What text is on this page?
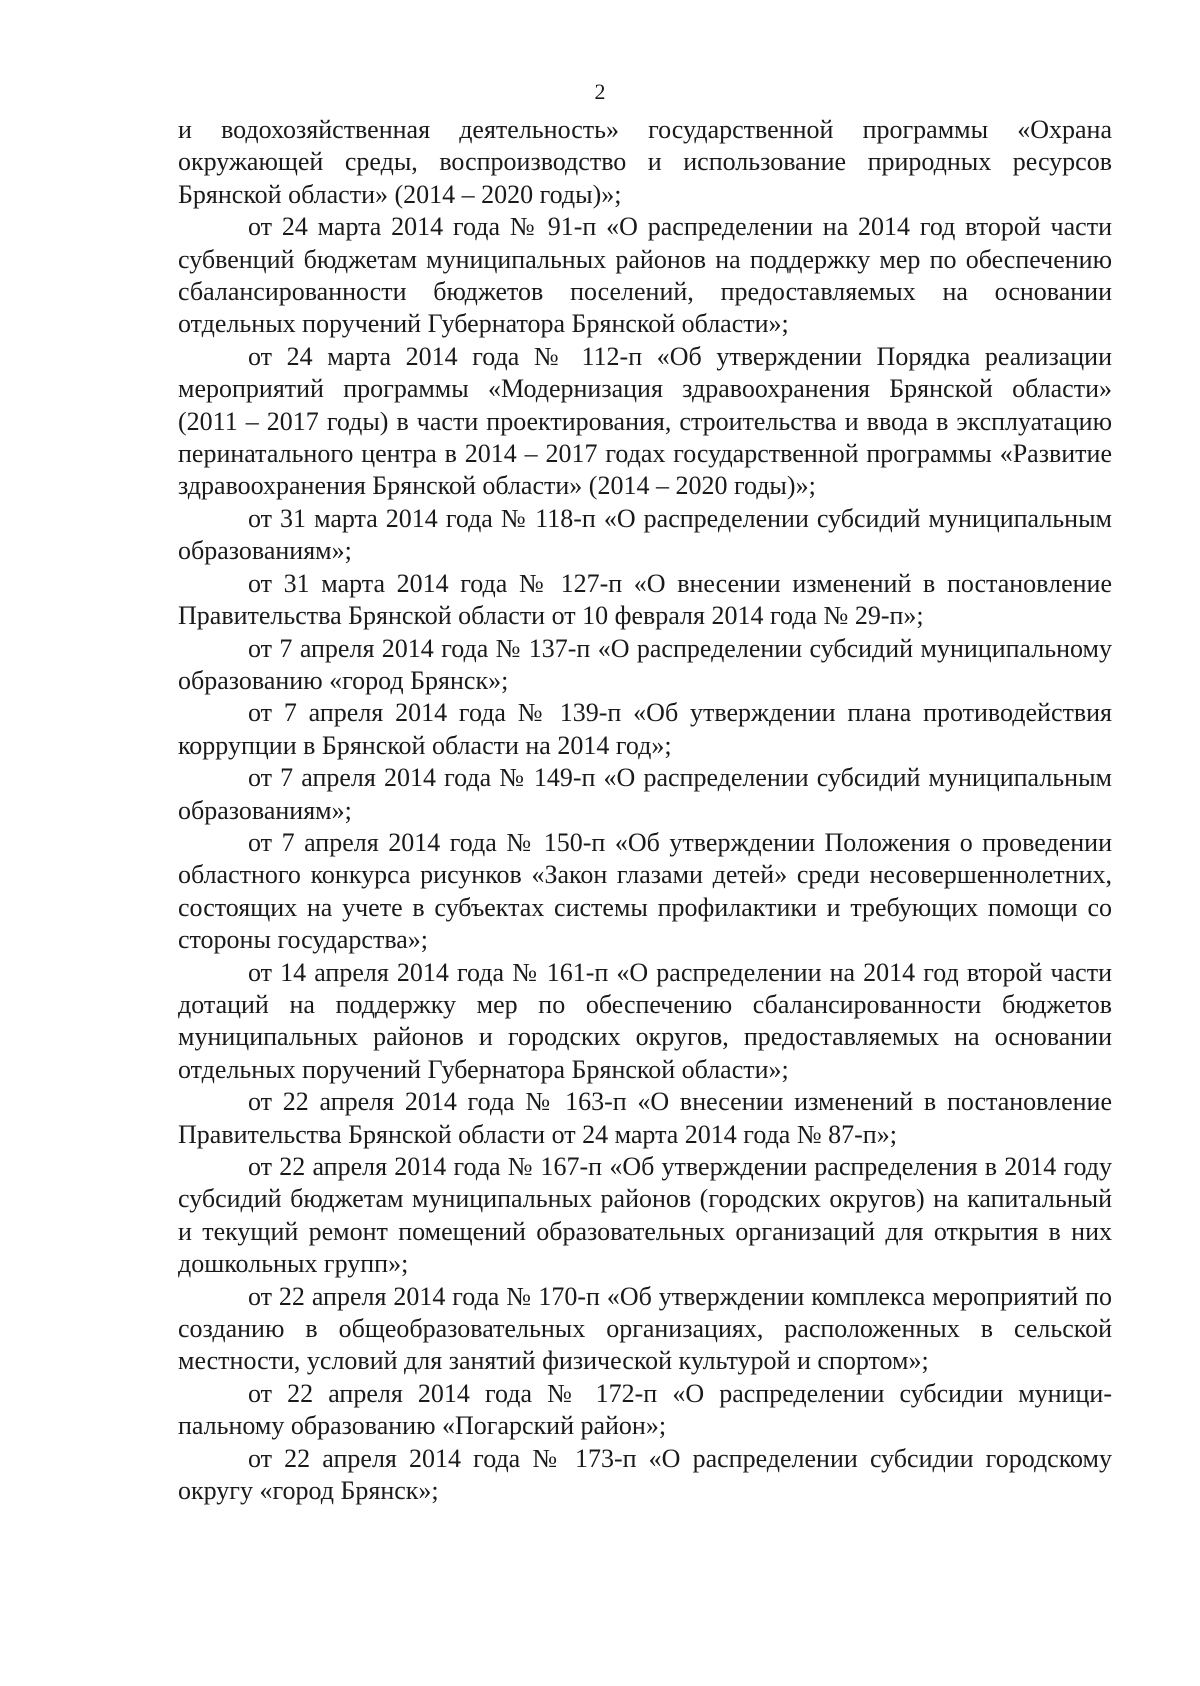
2

и водохозяйственная деятельность» государственной программы «Охрана окружающей среды, воспроизводство и использование природных ресурсов Брянской области» (2014 – 2020 годы)»;

от 24 марта 2014 года № 91-п «О распределении на 2014 год второй части субвенций бюджетам муниципальных районов на поддержку мер по обеспечению сбалансированности бюджетов поселений, предоставляемых на основании отдельных поручений Губернатора Брянской области»;

от 24 марта 2014 года № 112-п «Об утверждении Порядка реализации мероприятий программы «Модернизация здравоохранения Брянской области» (2011 – 2017 годы) в части проектирования, строительства и ввода в эксплуатацию перинатального центра в 2014 – 2017 годах государственной программы «Развитие здравоохранения Брянской области» (2014 – 2020 годы)»;

от 31 марта 2014 года № 118-п «О распределении субсидий муниципальным образованиям»;

от 31 марта 2014 года № 127-п «О внесении изменений в постановление Правительства Брянской области от 10 февраля 2014 года № 29-п»;

от 7 апреля 2014 года № 137-п «О распределении субсидий муниципальному образованию «город Брянск»;

от 7 апреля 2014 года № 139-п «Об утверждении плана противодействия коррупции в Брянской области на 2014 год»;

от 7 апреля 2014 года № 149-п «О распределении субсидий муниципальным образованиям»;

от 7 апреля 2014 года № 150-п «Об утверждении Положения о проведении областного конкурса рисунков «Закон глазами детей» среди несовершеннолетних, состоящих на учете в субъектах системы профилактики и требующих помощи со стороны государства»;

от 14 апреля 2014 года № 161-п «О распределении на 2014 год второй части дотаций на поддержку мер по обеспечению сбалансированности бюджетов муниципальных районов и городских округов, предоставляемых на основании отдельных поручений Губернатора Брянской области»;

от 22 апреля 2014 года № 163-п «О внесении изменений в постановление Правительства Брянской области от 24 марта 2014 года № 87-п»;

от 22 апреля 2014 года № 167-п «Об утверждении распределения в 2014 году субсидий бюджетам муниципальных районов (городских округов) на капитальный и текущий ремонт помещений образовательных организаций для открытия в них дошкольных групп»;

от 22 апреля 2014 года № 170-п «Об утверждении комплекса мероприятий по созданию в общеобразовательных организациях, расположенных в сельской местности, условий для занятий физической культурой и спортом»;

от 22 апреля 2014 года № 172-п «О распределении субсидии муниципальному образованию «Погарский район»;

от 22 апреля 2014 года № 173-п «О распределении субсидии городскому округу «город Брянск»;
